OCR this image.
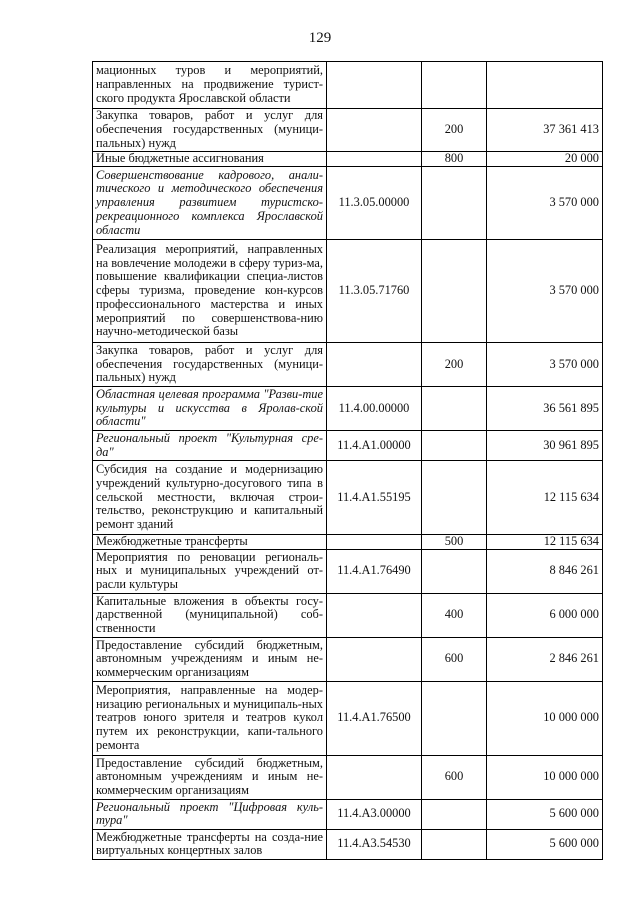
129
мационных туров и мероприятий, направленных на продвижение турист-ского продукта Ярославской области			
Закупка товаров, работ и услуг для обеспечения государственных (муници-пальных) нужд		200	37 361 413
Иные бюджетные ассигнования		800	20 000
Совершенствование кадрового, анали-тического и методического обеспечения управления развитием туристско-рекреационного комплекса Ярославской области	11.3.05.00000		3 570 000
Реализация мероприятий, направленных на вовлечение молодежи в сферу туриз-ма, повышение квалификации специа-листов сферы туризма, проведение кон-курсов профессионального мастерства и иных мероприятий по совершенствова-нию научно-методической базы	11.3.05.71760		3 570 000
Закупка товаров, работ и услуг для обеспечения государственных (муници-пальных) нужд		200	3 570 000
Областная целевая программа "Разви-тие культуры и искусства в Яролав-ской области"	11.4.00.00000		36 561 895
Региональный проект "Культурная сре-да"	11.4.А1.00000		30 961 895
Субсидия на создание и модернизацию учреждений культурно-досугового типа в сельской местности, включая строи-тельство, реконструкцию и капитальный ремонт зданий	11.4.А1.55195		12 115 634
Межбюджетные трансферты		500	12 115 634
Мероприятия по реновации региональ-ных и муниципальных учреждений от-расли культуры	11.4.А1.76490		8 846 261
Капитальные вложения в объекты госу-дарственной (муниципальной) соб-ственности		400	6 000 000
Предоставление субсидий бюджетным, автономным учреждениям и иным не-коммерческим организациям		600	2 846 261
Мероприятия, направленные на модер-низацию региональных и муниципаль-ных театров юного зрителя и театров кукол путем их реконструкции, капи-тального ремонта	11.4.А1.76500		10 000 000
Предоставление субсидий бюджетным, автономным учреждениям и иным не-коммерческим организациям		600	10 000 000
Региональный проект "Цифровая куль-тура"	11.4.А3.00000		5 600 000
Межбюджетные трансферты на созда-ние виртуальных концертных залов	11.4.А3.54530		5 600 000
